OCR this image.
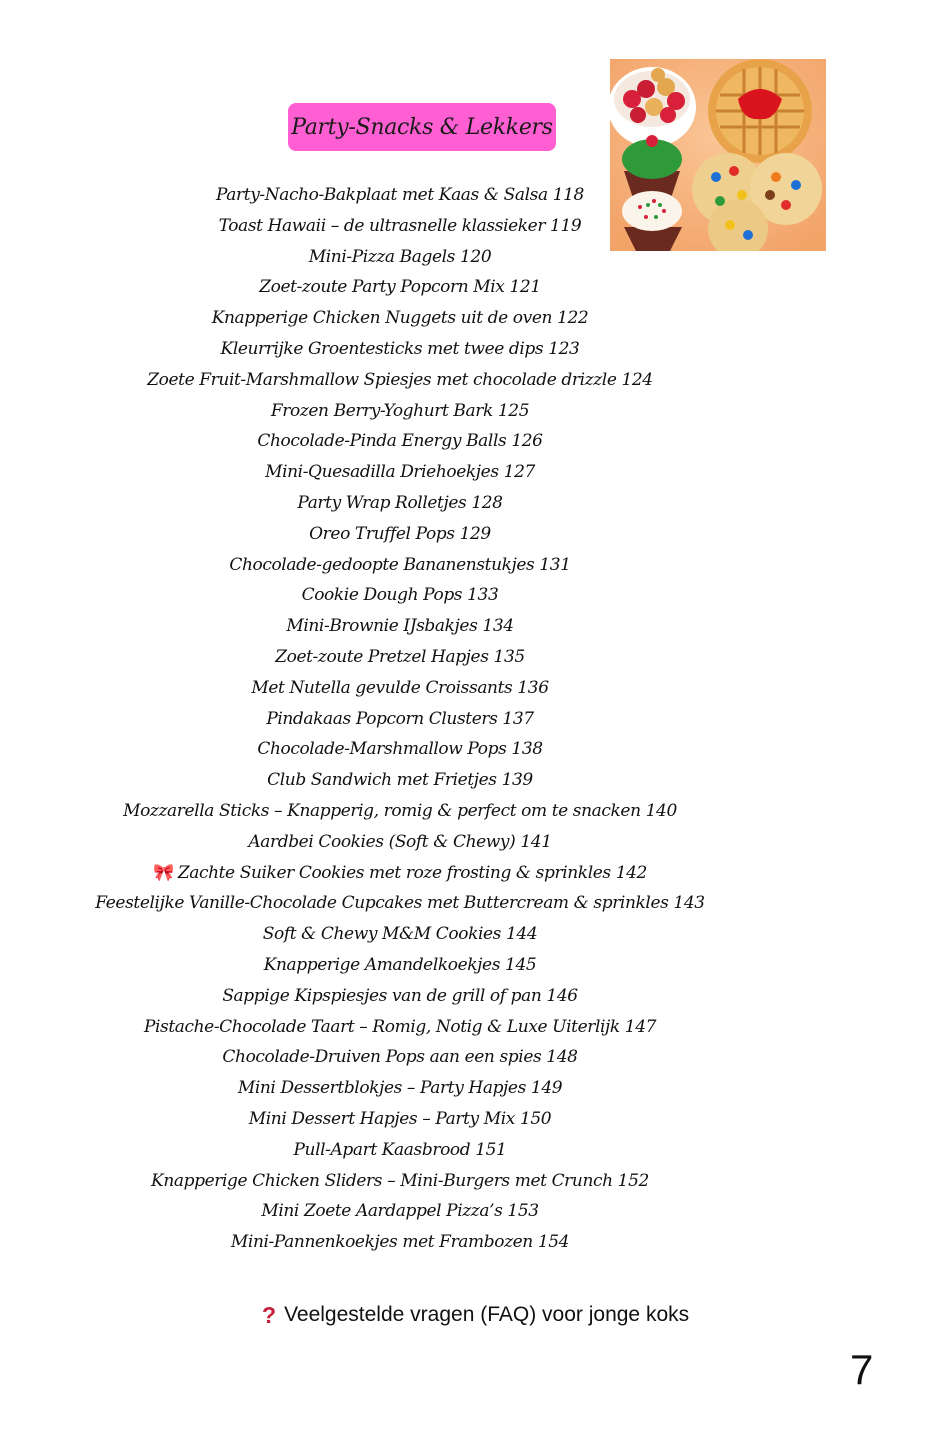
Party-Snacks & Lekkers
Party-Nacho-Bakplaat met Kaas & Salsa 118
Toast Hawaii – de ultrasnelle klassieker 119
Mini-Pizza Bagels 120
Zoet-zoute Party Popcorn Mix 121
Knapperige Chicken Nuggets uit de oven 122
Kleurrijke Groentesticks met twee dips 123
Zoete Fruit-Marshmallow Spiesjes met chocolade drizzle 124
Frozen Berry-Yoghurt Bark 125
Chocolade-Pinda Energy Balls 126
Mini-Quesadilla Driehoekjes 127
Party Wrap Rolletjes 128
Oreo Truffel Pops 129
Chocolade-gedoopte Bananenstukjes 131
Cookie Dough Pops 133
Mini-Brownie IJsbakjes 134
Zoet-zoute Pretzel Hapjes 135
Met Nutella gevulde Croissants 136
Pindakaas Popcorn Clusters 137
Chocolade-Marshmallow Pops 138
Club Sandwich met Frietjes 139
Mozzarella Sticks – Knapperig, romig & perfect om te snacken 140
Aardbei Cookies (Soft & Chewy) 141
🎀 Zachte Suiker Cookies met roze frosting & sprinkles 142
Feestelijke Vanille-Chocolade Cupcakes met Buttercream & sprinkles 143
Soft & Chewy M&M Cookies 144
Knapperige Amandelkoekjes 145
Sappige Kipspiesjes van de grill of pan 146
Pistache-Chocolade Taart – Romig, Notig & Luxe Uiterlijk 147
Chocolade-Druiven Pops aan een spies 148
Mini Dessertblokjes – Party Hapjes 149
Mini Dessert Hapjes – Party Mix 150
Pull-Apart Kaasbrood 151
Knapperige Chicken Sliders – Mini-Burgers met Crunch 152
Mini Zoete Aardappel Pizza’s 153
Mini-Pannenkoekjes met Frambozen 154
? Veelgestelde vragen (FAQ) voor jonge koks
7
